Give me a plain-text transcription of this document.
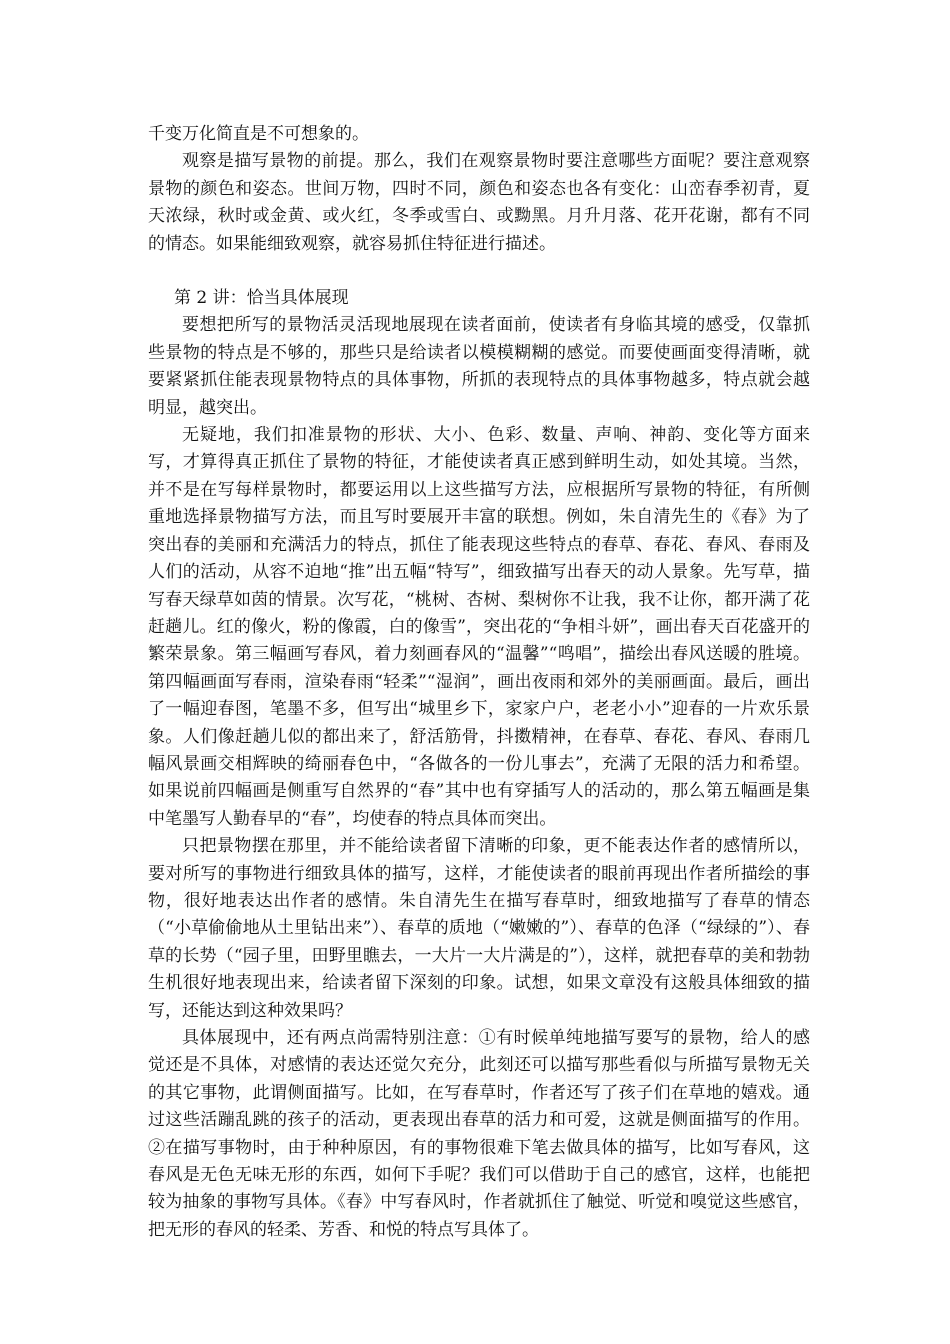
千变万化简直是不可想象的。

观察是描写景物的前提。那么，我们在观察景物时要注意哪些方面呢？要注意观察景物的颜色和姿态。世间万物，四时不同，颜色和姿态也各有变化：山峦春季初青，夏天浓绿，秋时或金黄、或火红，冬季或雪白、或黝黑。月升月落、花开花谢，都有不同的情态。如果能细致观察，就容易抓住特征进行描述。

第 2 讲：恰当具体展现

要想把所写的景物活灵活现地展现在读者面前，使读者有身临其境的感受，仅靠抓些景物的特点是不够的，那些只是给读者以模模糊糊的感觉。而要使画面变得清晰，就要紧紧抓住能表现景物特点的具体事物，所抓的表现特点的具体事物越多，特点就会越明显，越突出。

无疑地，我们扣准景物的形状、大小、色彩、数量、声响、神韵、变化等方面来写，才算得真正抓住了景物的特征，才能使读者真正感到鲜明生动，如处其境。当然，并不是在写每样景物时，都要运用以上这些描写方法，应根据所写景物的特征，有所侧重地选择景物描写方法，而且写时要展开丰富的联想。例如，朱自清先生的《春》为了突出春的美丽和充满活力的特点，抓住了能表现这些特点的春草、春花、春风、春雨及人们的活动，从容不迫地“推”出五幅“特写”，细致描写出春天的动人景象。先写草，描写春天绿草如茵的情景。次写花，“桃树、杏树、梨树你不让我，我不让你，都开满了花赶趟儿。红的像火，粉的像霞，白的像雪”，突出花的“争相斗妍”，画出春天百花盛开的繁荣景象。第三幅画写春风，着力刻画春风的“温馨”“鸣唱”，描绘出春风送暖的胜境。第四幅画面写春雨，渲染春雨“轻柔”“湿润”，画出夜雨和郊外的美丽画面。最后，画出了一幅迎春图，笔墨不多，但写出“城里乡下，家家户户，老老小小”迎春的一片欢乐景象。人们像赶趟儿似的都出来了，舒活筋骨，抖擞精神，在春草、春花、春风、春雨几幅风景画交相辉映的绮丽春色中，“各做各的一份儿事去”，充满了无限的活力和希望。如果说前四幅画是侧重写自然界的“春”其中也有穿插写人的活动的，那么第五幅画是集中笔墨写人勤春早的“春”，均使春的特点具体而突出。

只把景物摆在那里，并不能给读者留下清晰的印象，更不能表达作者的感情所以，要对所写的事物进行细致具体的描写，这样，才能使读者的眼前再现出作者所描绘的事物，很好地表达出作者的感情。朱自清先生在描写春草时，细致地描写了春草的情态（“小草偷偷地从土里钻出来”）、春草的质地（“嫩嫩的”）、春草的色泽（“绿绿的”）、春草的长势（“园子里，田野里瞧去，一大片一大片满是的”），这样，就把春草的美和勃勃生机很好地表现出来，给读者留下深刻的印象。试想，如果文章没有这般具体细致的描写，还能达到这种效果吗？

具体展现中，还有两点尚需特别注意：①有时候单纯地描写要写的景物，给人的感觉还是不具体，对感情的表达还觉欠充分，此刻还可以描写那些看似与所描写景物无关的其它事物，此谓侧面描写。比如，在写春草时，作者还写了孩子们在草地的嬉戏。通过这些活蹦乱跳的孩子的活动，更表现出春草的活力和可爱，这就是侧面描写的作用。②在描写事物时，由于种种原因，有的事物很难下笔去做具体的描写，比如写春风，这春风是无色无味无形的东西，如何下手呢？我们可以借助于自己的感官，这样，也能把较为抽象的事物写具体。《春》中写春风时，作者就抓住了触觉、听觉和嗅觉这些感官，把无形的春风的轻柔、芳香、和悦的特点写具体了。
